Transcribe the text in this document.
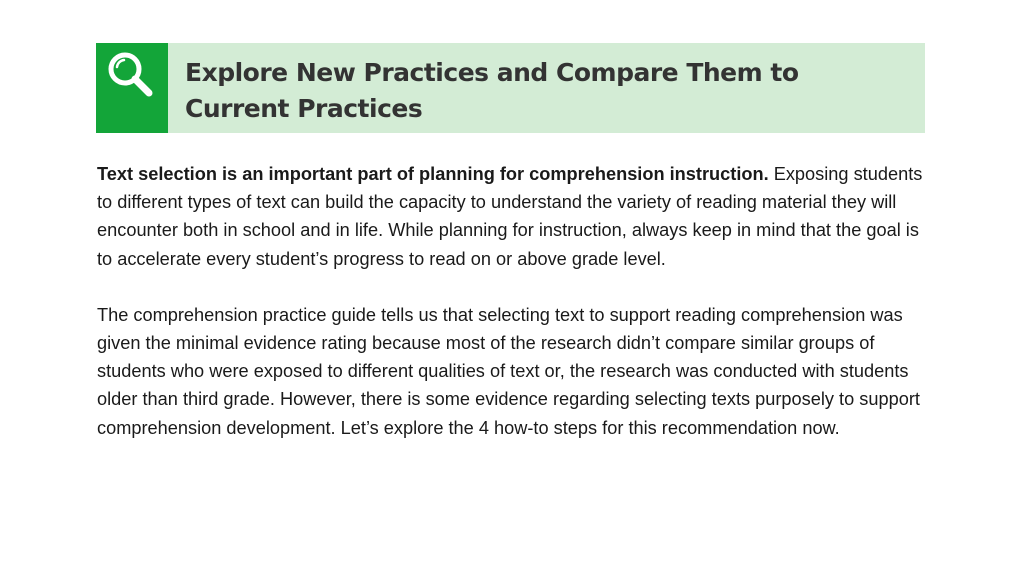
Explore New Practices and Compare Them to Current Practices

Text selection is an important part of planning for comprehension instruction. Exposing students to different types of text can build the capacity to understand the variety of reading material they will encounter both in school and in life. While planning for instruction, always keep in mind that the goal is to accelerate every student’s progress to read on or above grade level.

The comprehension practice guide tells us that selecting text to support reading comprehension was given the minimal evidence rating because most of the research didn’t compare similar groups of students who were exposed to different qualities of text or, the research was conducted with students older than third grade. However, there is some evidence regarding selecting texts purposely to support comprehension development. Let’s explore the 4 how-to steps for this recommendation now.
